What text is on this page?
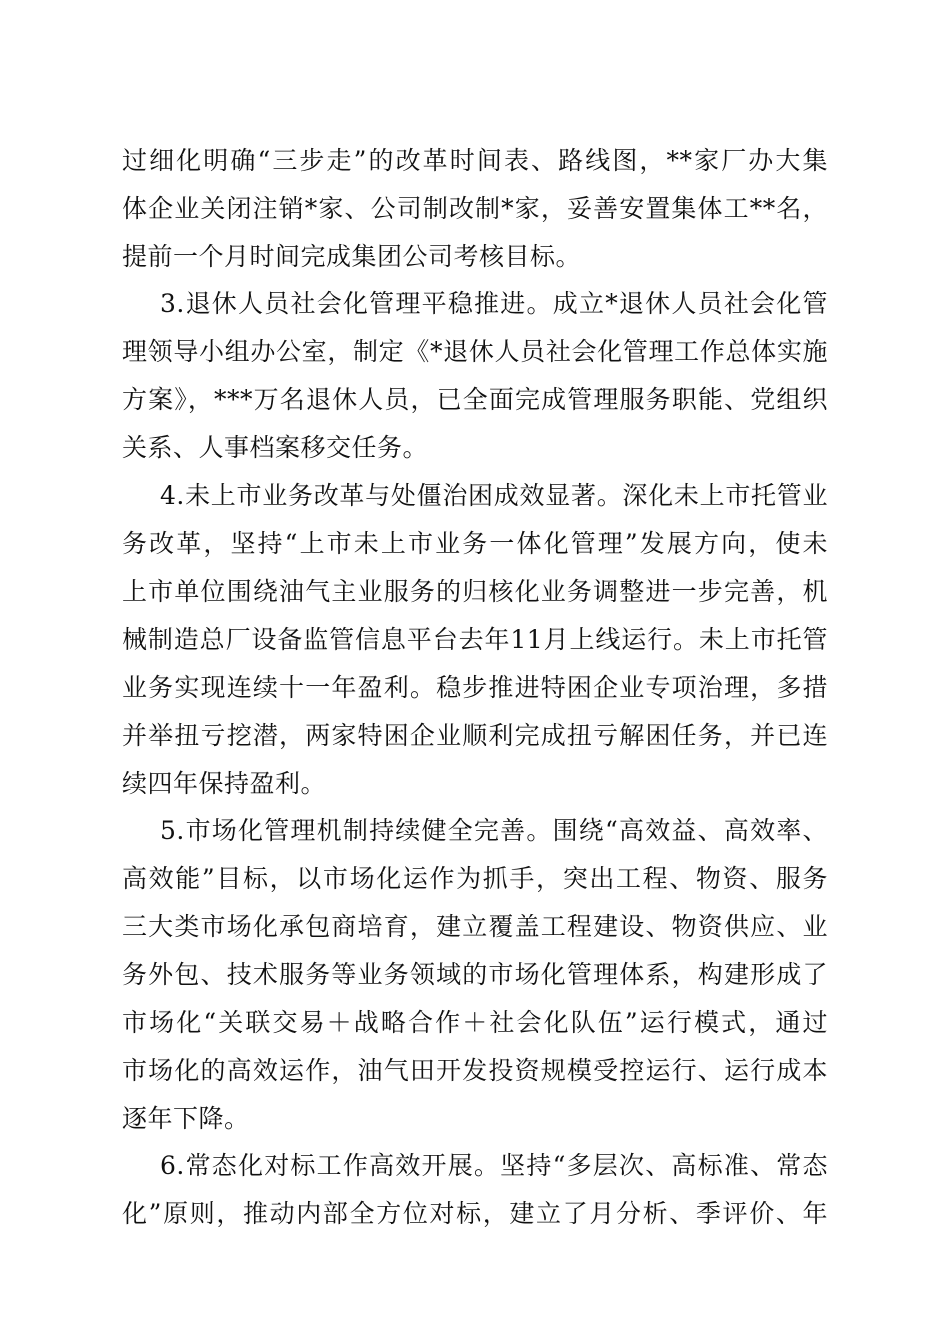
过细化明确“三步走”的改革时间表、路线图，**家厂办大集
体企业关闭注销*家、公司制改制*家，妥善安置集体工**名，
提前一个月时间完成集团公司考核目标。
3.退休人员社会化管理平稳推进。成立*退休人员社会化管
理领导小组办公室，制定《*退休人员社会化管理工作总体实施
方案》，***万名退休人员，已全面完成管理服务职能、党组织
关系、人事档案移交任务。
4.未上市业务改革与处僵治困成效显著。深化未上市托管业
务改革，坚持“上市未上市业务一体化管理”发展方向，使未
上市单位围绕油气主业服务的归核化业务调整进一步完善，机
械制造总厂设备监管信息平台去年11月上线运行。未上市托管
业务实现连续十一年盈利。稳步推进特困企业专项治理，多措
并举扭亏挖潜，两家特困企业顺利完成扭亏解困任务，并已连
续四年保持盈利。
5.市场化管理机制持续健全完善。围绕“高效益、高效率、
高效能”目标，以市场化运作为抓手，突出工程、物资、服务
三大类市场化承包商培育，建立覆盖工程建设、物资供应、业
务外包、技术服务等业务领域的市场化管理体系，构建形成了
市场化“关联交易＋战略合作＋社会化队伍”运行模式，通过
市场化的高效运作，油气田开发投资规模受控运行、运行成本
逐年下降。
6.常态化对标工作高效开展。坚持“多层次、高标准、常态
化”原则，推动内部全方位对标，建立了月分析、季评价、年
